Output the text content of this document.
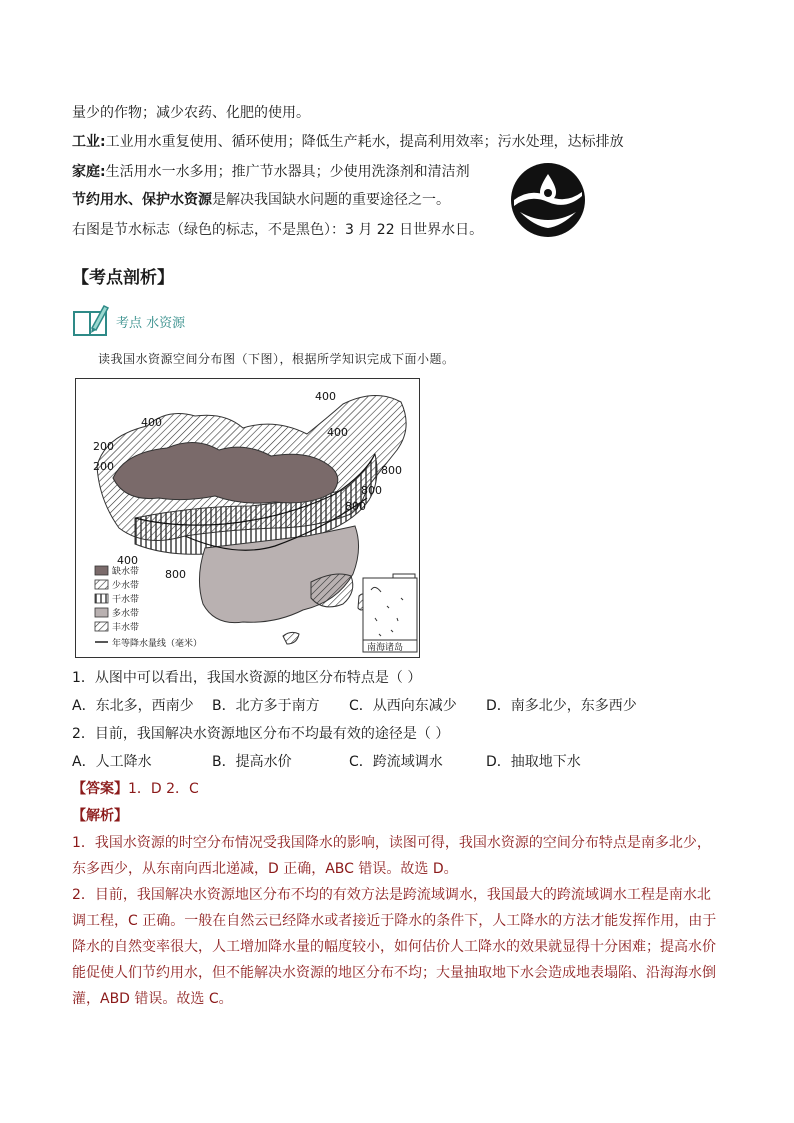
量少的作物；减少农药、化肥的使用。
工业:工业用水重复使用、循环使用；降低生产耗水，提高利用效率；污水处理，达标排放
家庭:生活用水一水多用；推广节水器具；少使用洗涤剂和清洁剂
节约用水、保护水资源是解决我国缺水问题的重要途径之一。
右图是节水标志（绿色的标志，不是黑色）：3 月 22 日世界水日。
【考点剖析】
考点 水资源
读我国水资源空间分布图（下图），根据所学知识完成下面小题。
400
400
200
200
400
800
800
800
400
800
缺水带
少水带
干水带
多水带
丰水带
年等降水量线（毫米）	南海诸岛
1．从图中可以看出，我国水资源的地区分布特点是（ ）
A．东北多，西南少 B．北方多于南方 C．从西向东减少 D．南多北少，东多西少
2．目前，我国解决水资源地区分布不均最有效的途径是（ ）
A．人工降水	B．提高水价	C．跨流域调水	D．抽取地下水
【答案】1．D 2．C
【解析】
1．我国水资源的时空分布情况受我国降水的影响，读图可得，我国水资源的空间分布特点是南多北少，东多西少，从东南向西北递减，D 正确，ABC 错误。故选 D。
2．目前，我国解决水资源地区分布不均的有效方法是跨流域调水，我国最大的跨流域调水工程是南水北调工程，C 正确。一般在自然云已经降水或者接近于降水的条件下，人工降水的方法才能发挥作用，由于降水的自然变率很大，人工增加降水量的幅度较小，如何估价人工降水的效果就显得十分困难；提高水价能促使人们节约用水，但不能解决水资源的地区分布不均；大量抽取地下水会造成地表塌陷、沿海海水倒灌，ABD 错误。故选 C。
